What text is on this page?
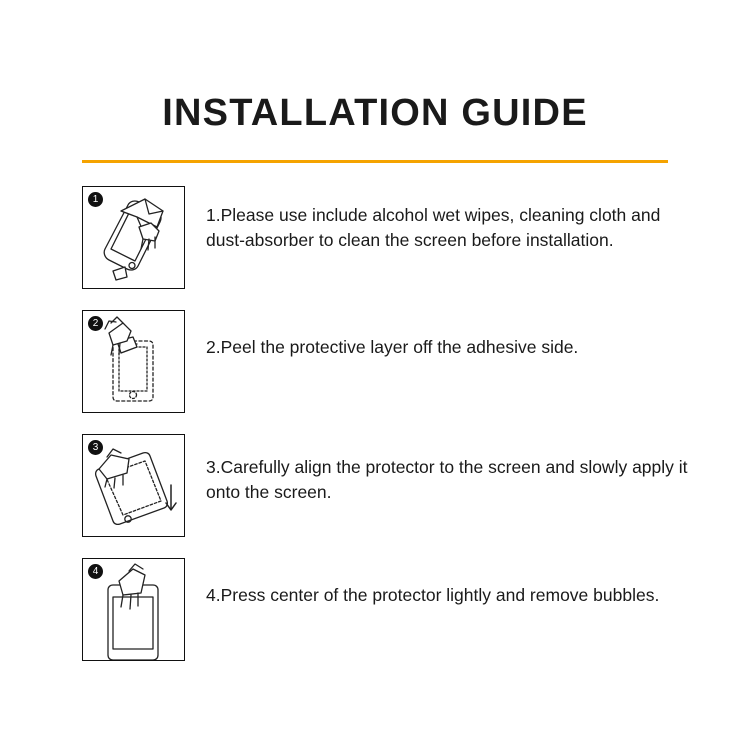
INSTALLATION GUIDE
1
1.Please use include alcohol wet wipes, cleaning cloth and dust-absorber to clean the screen before installation.
2
2.Peel the protective layer off the adhesive side.
3
3.Carefully align the protector to the screen and slowly apply it onto the screen.
4
4.Press center of the protector lightly and remove bubbles.
